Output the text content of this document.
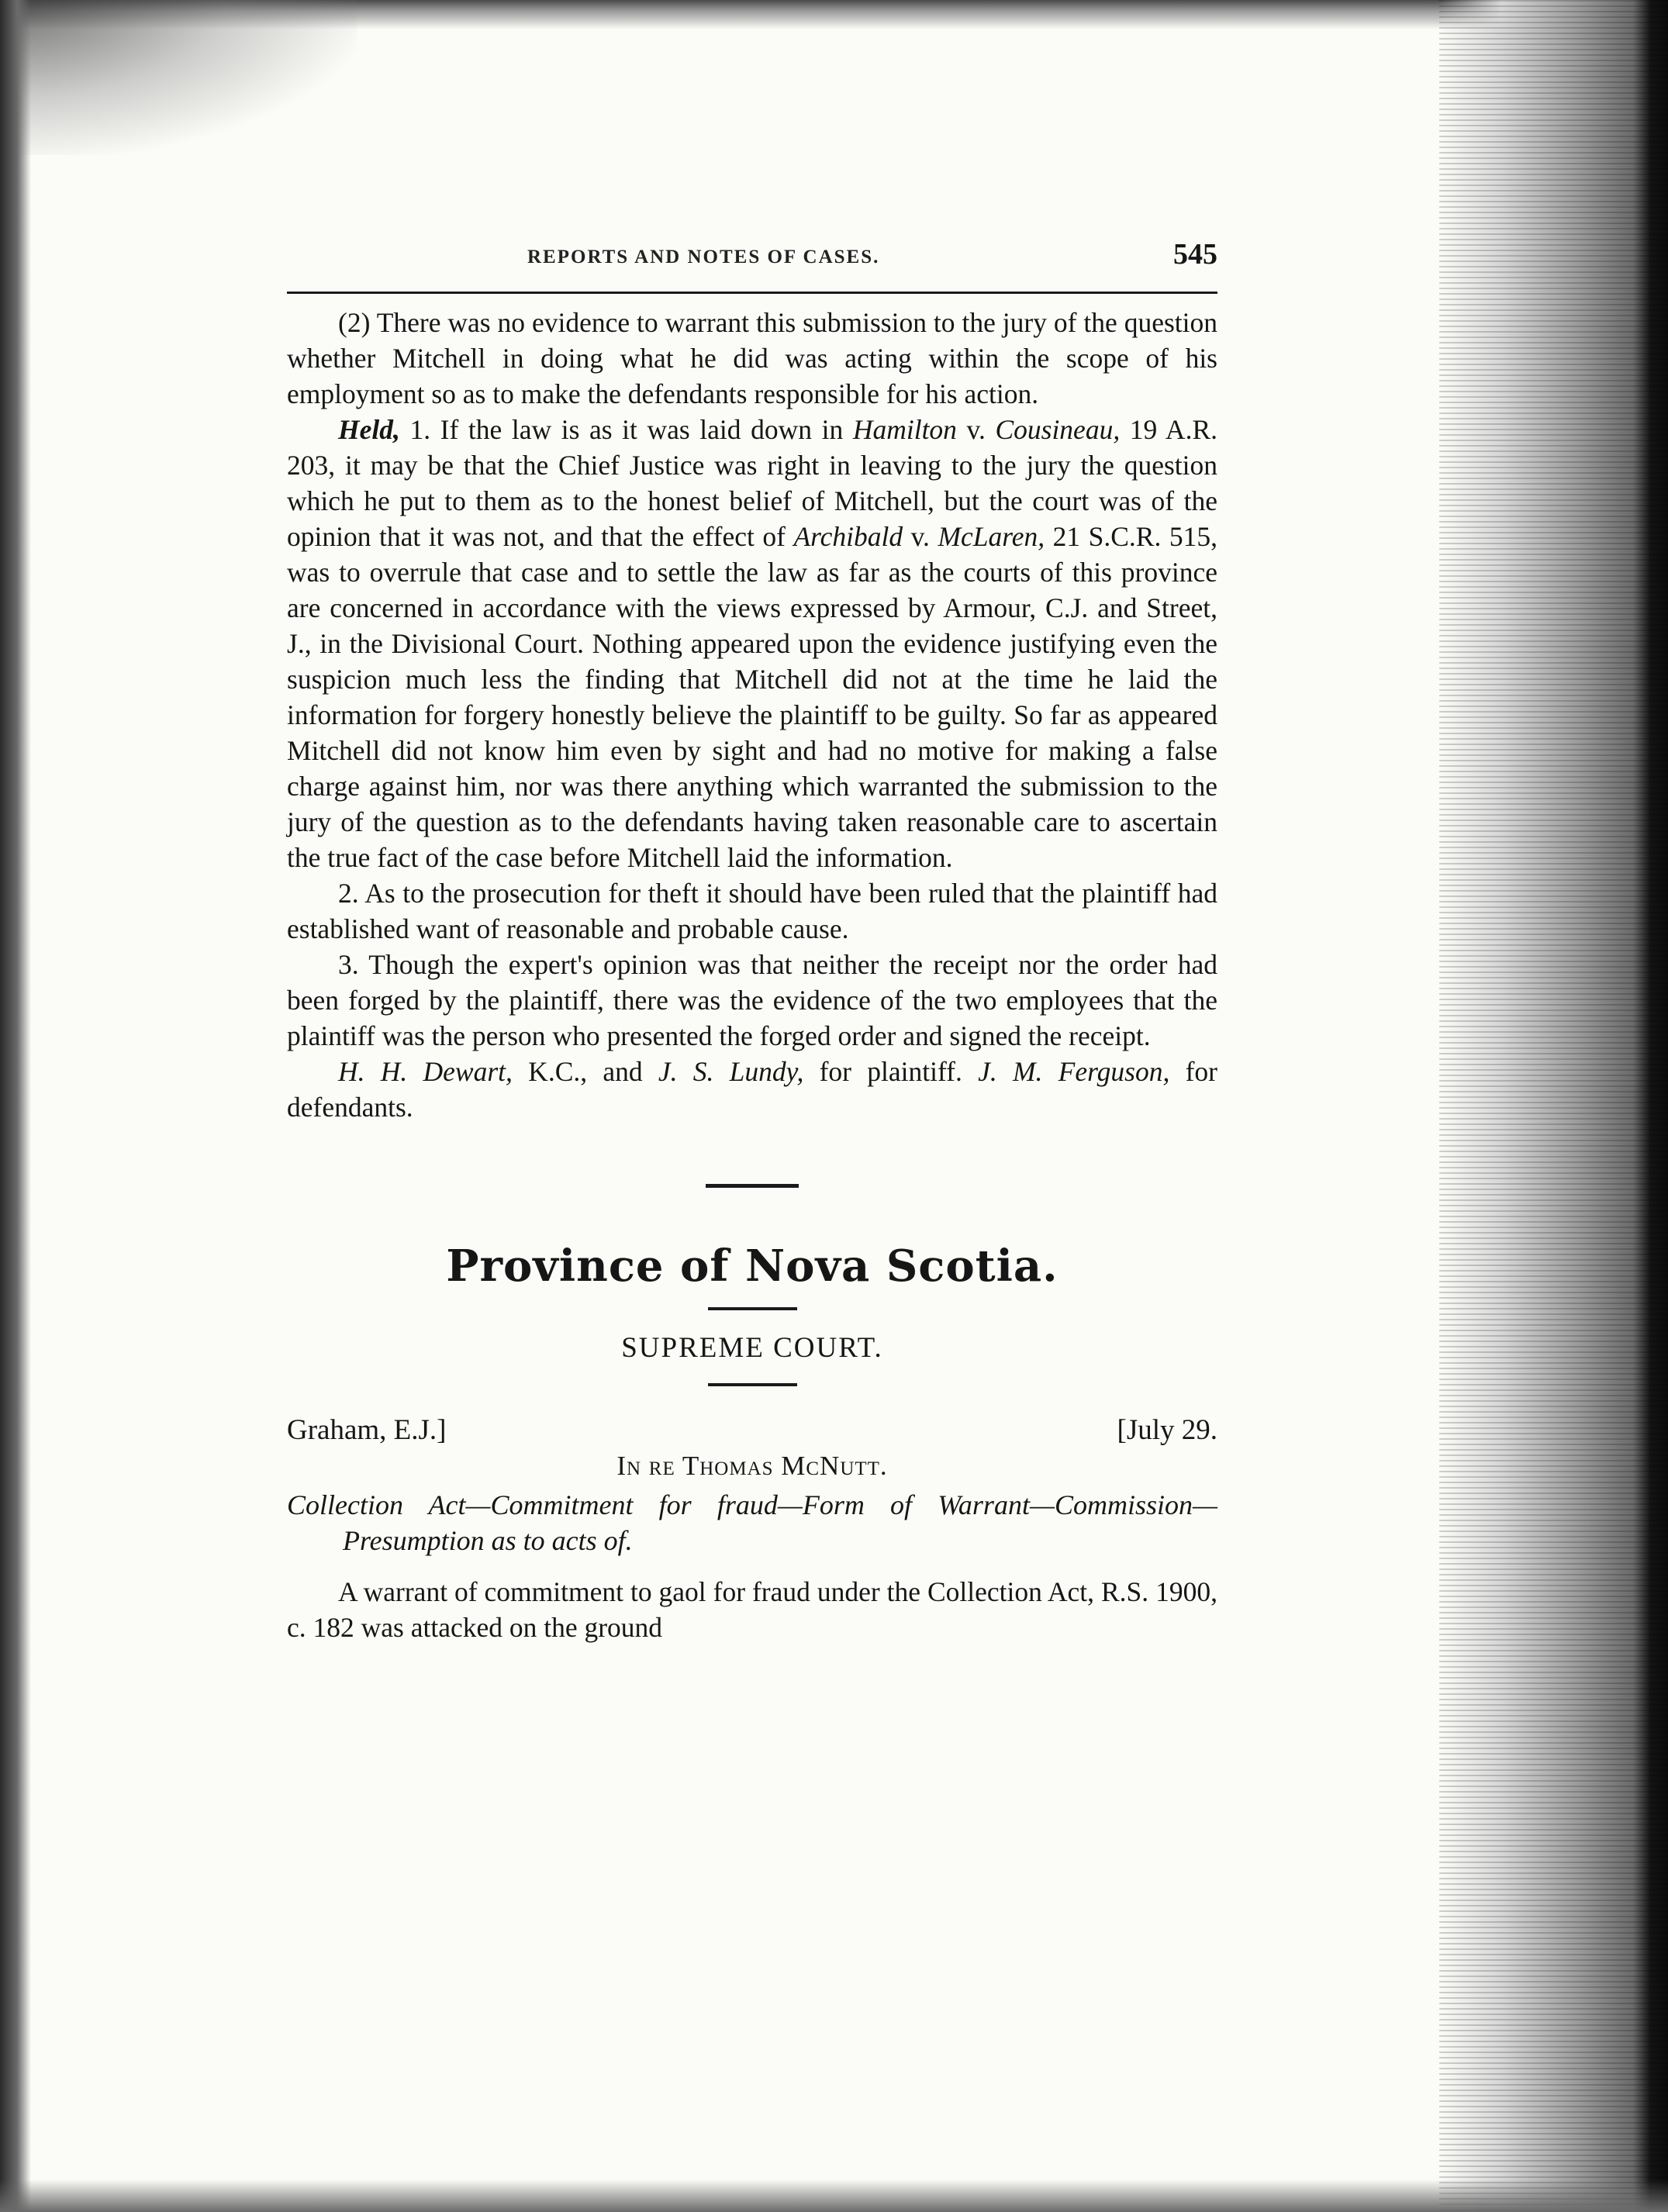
REPORTS AND NOTES OF CASES.	545

(2) There was no evidence to warrant this submission to the jury of the question whether Mitchell in doing what he did was acting within the scope of his employment so as to make the defendants responsible for his action.

Held, 1. If the law is as it was laid down in Hamilton v. Cousineau, 19 A.R. 203, it may be that the Chief Justice was right in leaving to the jury the question which he put to them as to the honest belief of Mitchell, but the court was of the opinion that it was not, and that the effect of Archibald v. McLaren, 21 S.C.R. 515, was to overrule that case and to settle the law as far as the courts of this province are concerned in accordance with the views expressed by Armour, C.J. and Street, J., in the Divisional Court. Nothing appeared upon the evidence justifying even the suspicion much less the finding that Mitchell did not at the time he laid the information for forgery honestly believe the plaintiff to be guilty. So far as appeared Mitchell did not know him even by sight and had no motive for making a false charge against him, nor was there anything which warranted the submission to the jury of the question as to the defendants having taken reasonable care to ascertain the true fact of the case before Mitchell laid the information.

2. As to the prosecution for theft it should have been ruled that the plaintiff had established want of reasonable and probable cause.

3. Though the expert's opinion was that neither the receipt nor the order had been forged by the plaintiff, there was the evidence of the two employees that the plaintiff was the person who presented the forged order and signed the receipt.

H. H. Dewart, K.C., and J. S. Lundy, for plaintiff. J. M. Ferguson, for defendants.

Province of Nova Scotia.
SUPREME COURT.
Graham, E.J.]	[July 29.
In re Thomas McNutt.
Collection Act—Commitment for fraud—Form of Warrant—Commission—Presumption as to acts of.

A warrant of commitment to gaol for fraud under the Collection Act, R.S. 1900, c. 182 was attacked on the ground
